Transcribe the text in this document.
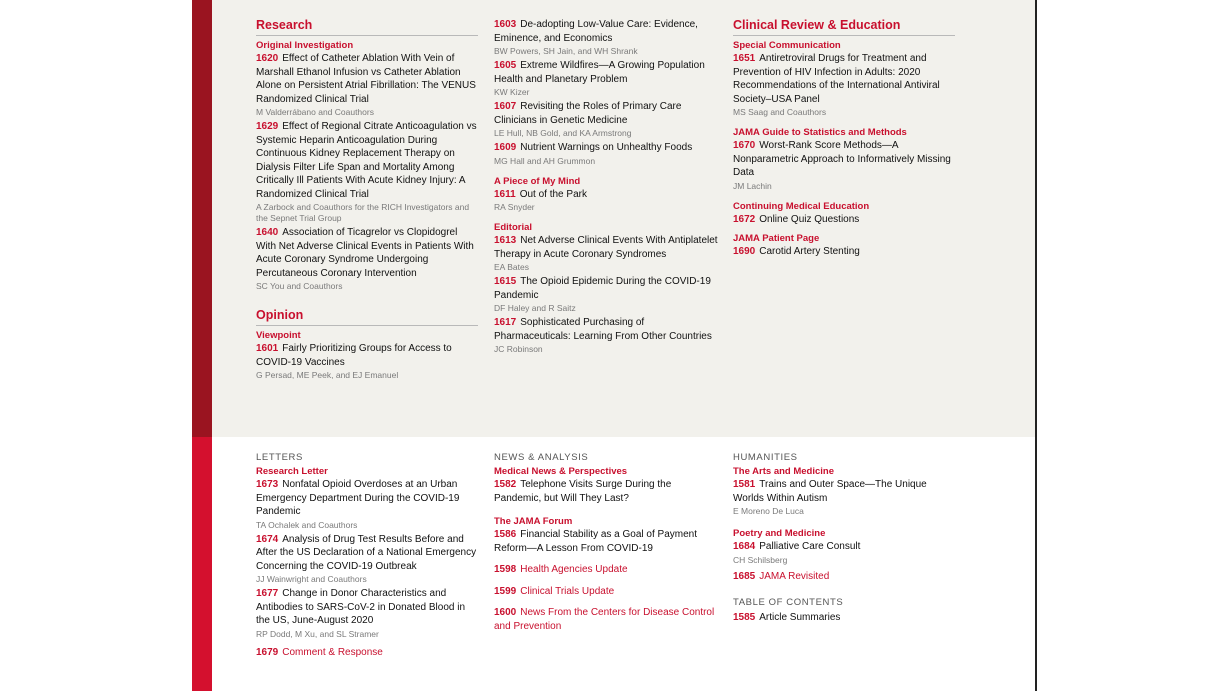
Research
Original Investigation

1620 Effect of Catheter Ablation With Vein of Marshall Ethanol Infusion vs Catheter Ablation Alone on Persistent Atrial Fibrillation: The VENUS Randomized Clinical Trial

M Valderrábano and Coauthors

1629 Effect of Regional Citrate Anticoagulation vs Systemic Heparin Anticoagulation During Continuous Kidney Replacement Therapy on Dialysis Filter Life Span and Mortality Among Critically Ill Patients With Acute Kidney Injury: A Randomized Clinical Trial

A Zarbock and Coauthors for the RICH Investigators and the Sepnet Trial Group

1640 Association of Ticagrelor vs Clopidogrel With Net Adverse Clinical Events in Patients With Acute Coronary Syndrome Undergoing Percutaneous Coronary Intervention

SC You and Coauthors
Opinion
Viewpoint

1601 Fairly Prioritizing Groups for Access to COVID-19 Vaccines

G Persad, ME Peek, and EJ Emanuel

1603 De-adopting Low-Value Care: Evidence, Eminence, and Economics

BW Powers, SH Jain, and WH Shrank

1605 Extreme Wildfires—A Growing Population Health and Planetary Problem

KW Kizer

1607 Revisiting the Roles of Primary Care Clinicians in Genetic Medicine

LE Hull, NB Gold, and KA Armstrong

1609 Nutrient Warnings on Unhealthy Foods

MG Hall and AH Grummon
A Piece of My Mind

1611 Out of the Park

RA Snyder
Editorial

1613 Net Adverse Clinical Events With Antiplatelet Therapy in Acute Coronary Syndromes

EA Bates

1615 The Opioid Epidemic During the COVID-19 Pandemic

DF Haley and R Saitz

1617 Sophisticated Purchasing of Pharmaceuticals: Learning From Other Countries

JC Robinson
Clinical Review & Education
Special Communication

1651 Antiretroviral Drugs for Treatment and Prevention of HIV Infection in Adults: 2020 Recommendations of the International Antiviral Society–USA Panel

MS Saag and Coauthors
JAMA Guide to Statistics and Methods

1670 Worst-Rank Score Methods—A Nonparametric Approach to Informatively Missing Data

JM Lachin
Continuing Medical Education

1672 Online Quiz Questions

JAMA Patient Page

1690 Carotid Artery Stenting

LETTERS
Research Letter

1673 Nonfatal Opioid Overdoses at an Urban Emergency Department During the COVID-19 Pandemic

TA Ochalek and Coauthors

1674 Analysis of Drug Test Results Before and After the US Declaration of a National Emergency Concerning the COVID-19 Outbreak

JJ Wainwright and Coauthors

1677 Change in Donor Characteristics and Antibodies to SARS-CoV-2 in Donated Blood in the US, June-August 2020

RP Dodd, M Xu, and SL Stramer

1679 Comment & Response

NEWS & ANALYSIS
Medical News & Perspectives

1582 Telephone Visits Surge During the Pandemic, but Will They Last?

The JAMA Forum

1586 Financial Stability as a Goal of Payment Reform—A Lesson From COVID-19

1598 Health Agencies Update

1599 Clinical Trials Update

1600 News From the Centers for Disease Control and Prevention

HUMANITIES
The Arts and Medicine

1581 Trains and Outer Space—The Unique Worlds Within Autism

E Moreno De Luca
Poetry and Medicine

1684 Palliative Care Consult

CH Schilsberg

1685 JAMA Revisited

TABLE OF CONTENTS

1585 Article Summaries
